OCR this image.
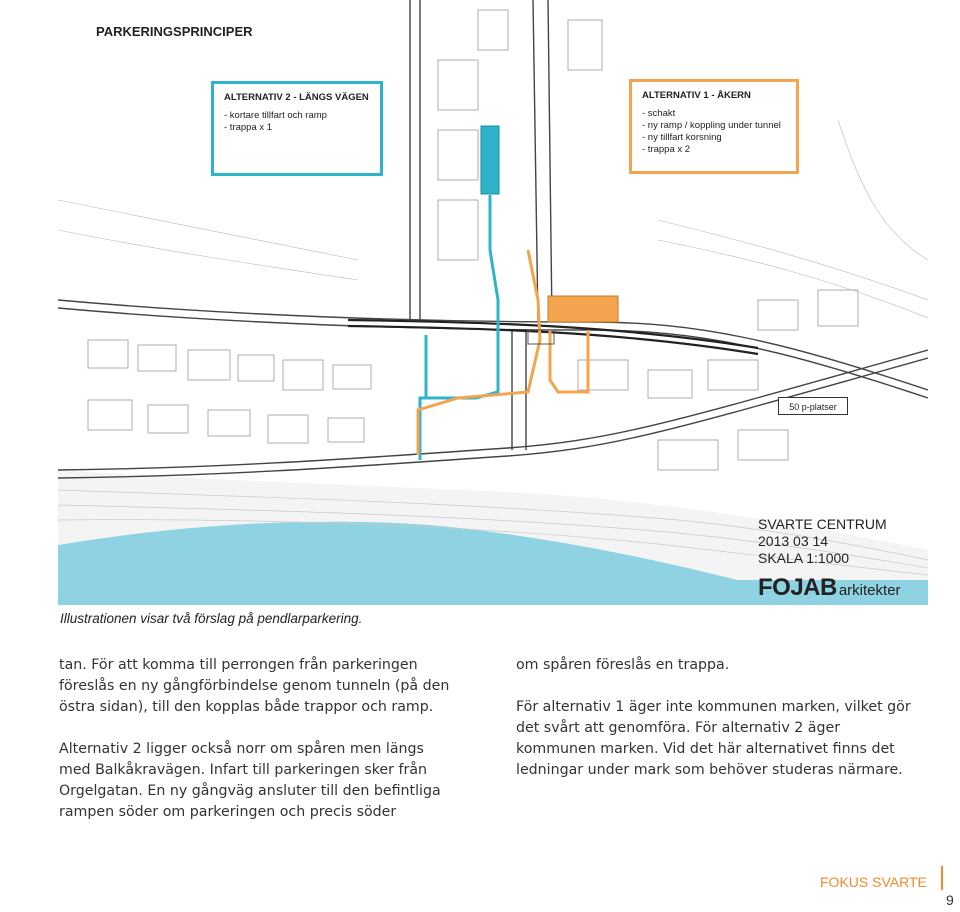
PARKERINGSPRINCIPER
ALTERNATIV 2 - LÄNGS VÄGEN
- kortare tillfart och ramp
- trappa x 1
ALTERNATIV 1 - ÅKERN
- schakt
- ny ramp / koppling under tunnel
- ny tillfart korsning
- trappa x 2
50 p-platser
SVARTE CENTRUM
2013 03 14
SKALA 1:1000
FOJAB arkitekter
Illustrationen visar två förslag på pendlarparkering.

tan. För att komma till perrongen från parkeringen föreslås en ny gångförbindelse genom tunneln (på den östra sidan), till den kopplas både trappor och ramp.

Alternativ 2 ligger också norr om spåren men längs med Balkåkravägen. Infart till parkeringen sker från Orgelgatan. En ny gångväg ansluter till den befintliga rampen söder om parkeringen och precis söder

om spåren föreslås en trappa.

För alternativ 1 äger inte kommunen marken, vilket gör det svårt att genomföra. För alternativ 2 äger kommunen marken. Vid det här alternativet finns det ledningar under mark som behöver studeras närmare.

FOKUS SVARTE
9
